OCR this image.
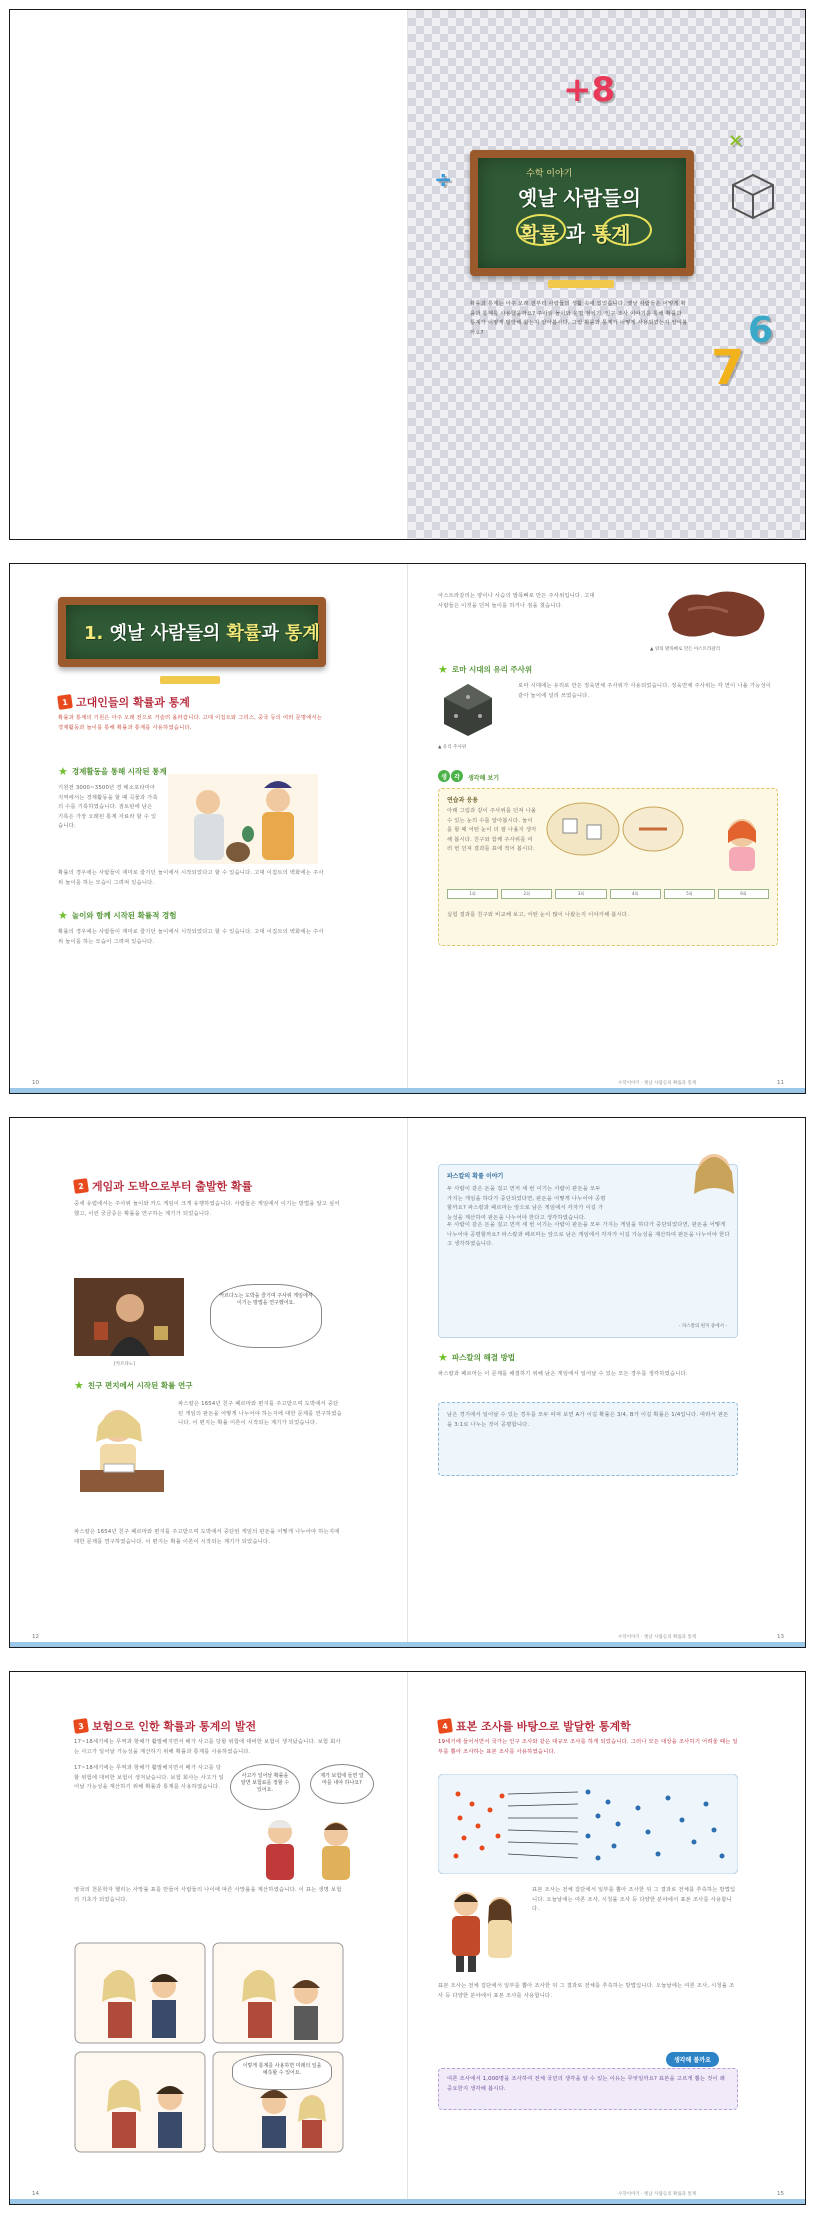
+8
÷
×
수학 이야기
옛날 사람들의
확률 과 통계
확률과 통계는 아주 오래 전부터 사람들의 생활 속에 있었습니다. 옛날 사람들은 어떻게 확률과 통계를 사용했을까요? 주사위 놀이와 운명 점치기, 인구 조사 이야기를 통해 확률과 통계가 어떻게 발달해 왔는지 알아봅시다. 그럼 확률과 통계가 어떻게 사용되었는지 알아볼까요?
7
6
1. 옛날 사람들의 확률과 통계
1 고대인들의 확률과 통계
확률과 통계의 기원은 아주 오래 전으로 거슬러 올라갑니다. 고대 이집트와 그리스, 중국 등의 여러 문명에서는 경제활동과 놀이를 통해 확률과 통계를 사용하였습니다.
★ 경제활동을 통해 시작된 통계
기원전 3000~3500년 경 메소포타미아 지역에서는 경제활동을 할 때 곡물과 가축의 수를 기록하였습니다. 점토판에 남은 기록은 가장 오래된 통계 자료라 할 수 있습니다.
확률의 경우에는 사람들이 재미로 즐기던 놀이에서 시작되었다고 할 수 있습니다. 고대 이집트의 벽화에는 주사위 놀이를 하는 모습이 그려져 있습니다.
★ 놀이와 함께 시작된 확률적 경험
확률의 경우에는 사람들이 재미로 즐기던 놀이에서 시작되었다고 할 수 있습니다. 고대 이집트의 벽화에는 주사위 놀이를 하는 모습이 그려져 있습니다.
10
아스트라갈리는 양이나 사슴의 발목뼈로 만든 주사위입니다. 고대 사람들은 이것을 던져 놀이를 하거나 점을 쳤습니다.
▲ 양의 발목뼈로 만든 아스트라갈리
★ 로마 시대의 유리 주사위
▲ 유리 주사위
로마 시대에는 유리로 만든 정육면체 주사위가 사용되었습니다. 정육면체 주사위는 각 면이 나올 가능성이 같아 놀이에 널리 쓰였습니다.
생	각	생각해 보기
연습과 응용
아래 그림과 같이 주사위를 던져 나올 수 있는 눈의 수를 알아봅시다. 놀이를 할 때 어떤 눈이 더 잘 나올지 생각해 봅시다. 친구와 함께 주사위를 여러 번 던져 결과를 표에 적어 봅시다.
1회	2회	3회	4회	5회	6회
실험 결과를 친구와 비교해 보고, 어떤 눈이 많이 나왔는지 이야기해 봅시다.
수학이야기 · 옛날 사람들의 확률과 통계	11
2 게임과 도박으로부터 출발한 확률
중세 유럽에서는 주사위 놀이와 카드 게임이 크게 유행하였습니다. 사람들은 게임에서 이기는 방법을 알고 싶어 했고, 이런 궁금증은 확률을 연구하는 계기가 되었습니다.
[카르다노]
카르다노는 도박을 즐기며 주사위 게임에서 이기는 방법을 연구했어요.
★ 친구 편지에서 시작된 확률 연구
파스칼은 1654년 친구 페르마와 편지를 주고받으며 도박에서 중단된 게임의 판돈을 어떻게 나누어야 하는지에 대한 문제를 연구하였습니다. 이 편지는 확률 이론이 시작되는 계기가 되었습니다.
파스칼은 1654년 친구 페르마와 편지를 주고받으며 도박에서 중단된 게임의 판돈을 어떻게 나누어야 하는지에 대한 문제를 연구하였습니다. 이 편지는 확률 이론이 시작되는 계기가 되었습니다.
12
파스칼의 확률 이야기
두 사람이 같은 돈을 걸고 먼저 세 번 이기는 사람이 판돈을 모두 가지는 게임을 하다가 중단되었다면, 판돈을 어떻게 나누어야 공평할까요? 파스칼과 페르마는 앞으로 남은 게임에서 각자가 이길 가능성을 계산하여 판돈을 나누어야 한다고 생각하였습니다.
두 사람이 같은 돈을 걸고 먼저 세 번 이기는 사람이 판돈을 모두 가지는 게임을 하다가 중단되었다면, 판돈을 어떻게 나누어야 공평할까요? 파스칼과 페르마는 앞으로 남은 게임에서 각자가 이길 가능성을 계산하여 판돈을 나누어야 한다고 생각하였습니다.
- 파스칼의 편지 중에서 -
★ 파스칼의 해결 방법
파스칼과 페르마는 이 문제를 해결하기 위해 남은 게임에서 일어날 수 있는 모든 경우를 생각하였습니다.
남은 경기에서 일어날 수 있는 경우를 모두 따져 보면 A가 이길 확률은 3/4, B가 이길 확률은 1/4입니다. 따라서 판돈을 3:1로 나누는 것이 공평합니다.
수학이야기 · 옛날 사람들의 확률과 통계	13
3 보험으로 인한 확률과 통계의 발전
17~18세기에는 무역과 항해가 활발해지면서 배가 사고를 당할 위험에 대비한 보험이 생겨났습니다. 보험 회사는 사고가 일어날 가능성을 계산하기 위해 확률과 통계를 사용하였습니다.
17~18세기에는 무역과 항해가 활발해지면서 배가 사고를 당할 위험에 대비한 보험이 생겨났습니다. 보험 회사는 사고가 일어날 가능성을 계산하기 위해 확률과 통계를 사용하였습니다.
사고가 일어날 확률을 알면 보험료를 정할 수 있어요.
제가 보험에 들면 얼마를 내야 하나요?
영국의 천문학자 핼리는 사망률 표를 만들어 사람들의 나이에 따른 사망률을 계산하였습니다. 이 표는 생명 보험의 기초가 되었습니다.
이렇게 통계를 사용하면 미래의 일을 예측할 수 있어요.
14
4 표본 조사를 바탕으로 발달한 통계학
19세기에 들어서면서 국가는 인구 조사와 같은 대규모 조사를 하게 되었습니다. 그러나 모든 대상을 조사하기 어려울 때는 일부를 뽑아 조사하는 표본 조사를 사용하였습니다.
표본 조사는 전체 집단에서 일부를 뽑아 조사한 뒤 그 결과로 전체를 추측하는 방법입니다. 오늘날에는 여론 조사, 시청률 조사 등 다양한 분야에서 표본 조사를 사용합니다.
표본 조사는 전체 집단에서 일부를 뽑아 조사한 뒤 그 결과로 전체를 추측하는 방법입니다. 오늘날에는 여론 조사, 시청률 조사 등 다양한 분야에서 표본 조사를 사용합니다.
생각해 볼까요
여론 조사에서 1,000명을 조사하여 전체 국민의 생각을 알 수 있는 이유는 무엇일까요? 표본을 고르게 뽑는 것이 왜 중요한지 생각해 봅시다.
수학이야기 · 옛날 사람들의 확률과 통계	15
